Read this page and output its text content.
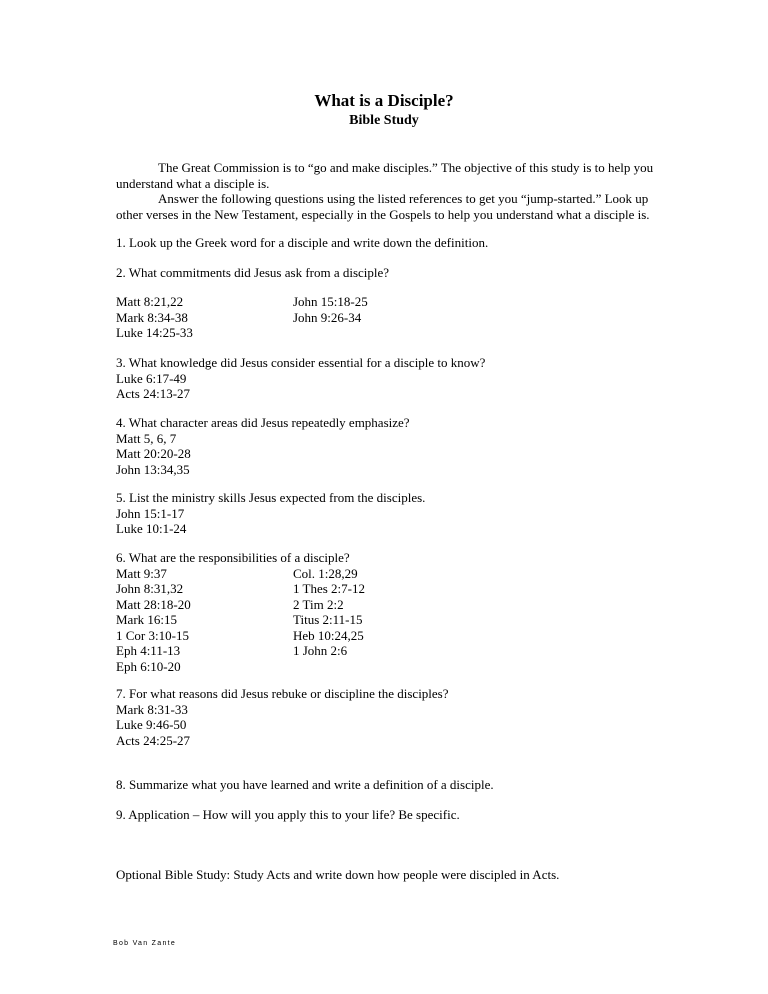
What is a Disciple?
Bible Study
The Great Commission is to “go and make disciples.” The objective of this study is to help you
understand what a disciple is.
Answer the following questions using the listed references to get you “jump-started.” Look up
other verses in the New Testament, especially in the Gospels to help you understand what a disciple is.
1. Look up the Greek word for a disciple and write down the definition.
2. What commitments did Jesus ask from a disciple?
Matt 8:21,22
Mark 8:34-38
Luke 14:25-33
John 15:18-25
John 9:26-34
3. What knowledge did Jesus consider essential for a disciple to know?
Luke 6:17-49
Acts 24:13-27
4. What character areas did Jesus repeatedly emphasize?
Matt 5, 6, 7
Matt 20:20-28
John 13:34,35
5. List the ministry skills Jesus expected from the disciples.
John 15:1-17
Luke 10:1-24
6. What are the responsibilities of a disciple?
Matt 9:37
John 8:31,32
Matt 28:18-20
Mark 16:15
1 Cor 3:10-15
Eph 4:11-13
Eph 6:10-20
Col. 1:28,29
1 Thes 2:7-12
2 Tim 2:2
Titus 2:11-15
Heb 10:24,25
1 John 2:6
7. For what reasons did Jesus rebuke or discipline the disciples?
Mark 8:31-33
Luke 9:46-50
Acts 24:25-27
8. Summarize what you have learned and write a definition of a disciple.
9. Application – How will you apply this to your life? Be specific.
Optional Bible Study: Study Acts and write down how people were discipled in Acts.
Bob Van Zante
